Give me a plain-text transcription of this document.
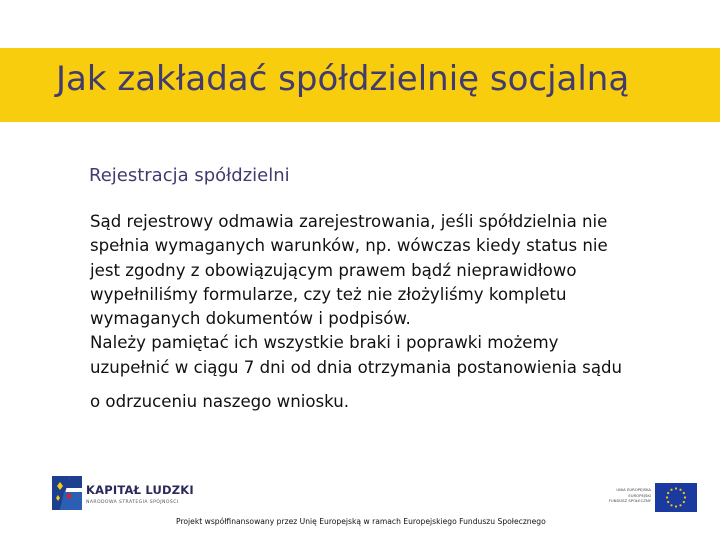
Jak zakładać spółdzielnię socjalną
Rejestracja spółdzielni
Sąd rejestrowy odmawia zarejestrowania, jeśli spółdzielnia nie
spełnia wymaganych warunków, np. wówczas kiedy status nie
jest zgodny z obowiązującym prawem bądź nieprawidłowo
wypełniliśmy formularze, czy też nie złożyliśmy kompletu
wymaganych dokumentów i podpisów.
Należy pamiętać ich wszystkie braki i poprawki możemy
uzupełnić w ciągu 7 dni od dnia otrzymania postanowienia sądu
o odrzuceniu naszego wniosku.
KAPITAŁ LUDZKI
NARODOWA STRATEGIA SPÓJNOŚCI
UNIA EUROPEJSKA
EUROPEJSKI
FUNDUSZ SPOŁECZNY
Projekt współfinansowany przez Unię Europejską w ramach Europejskiego Funduszu Społecznego
